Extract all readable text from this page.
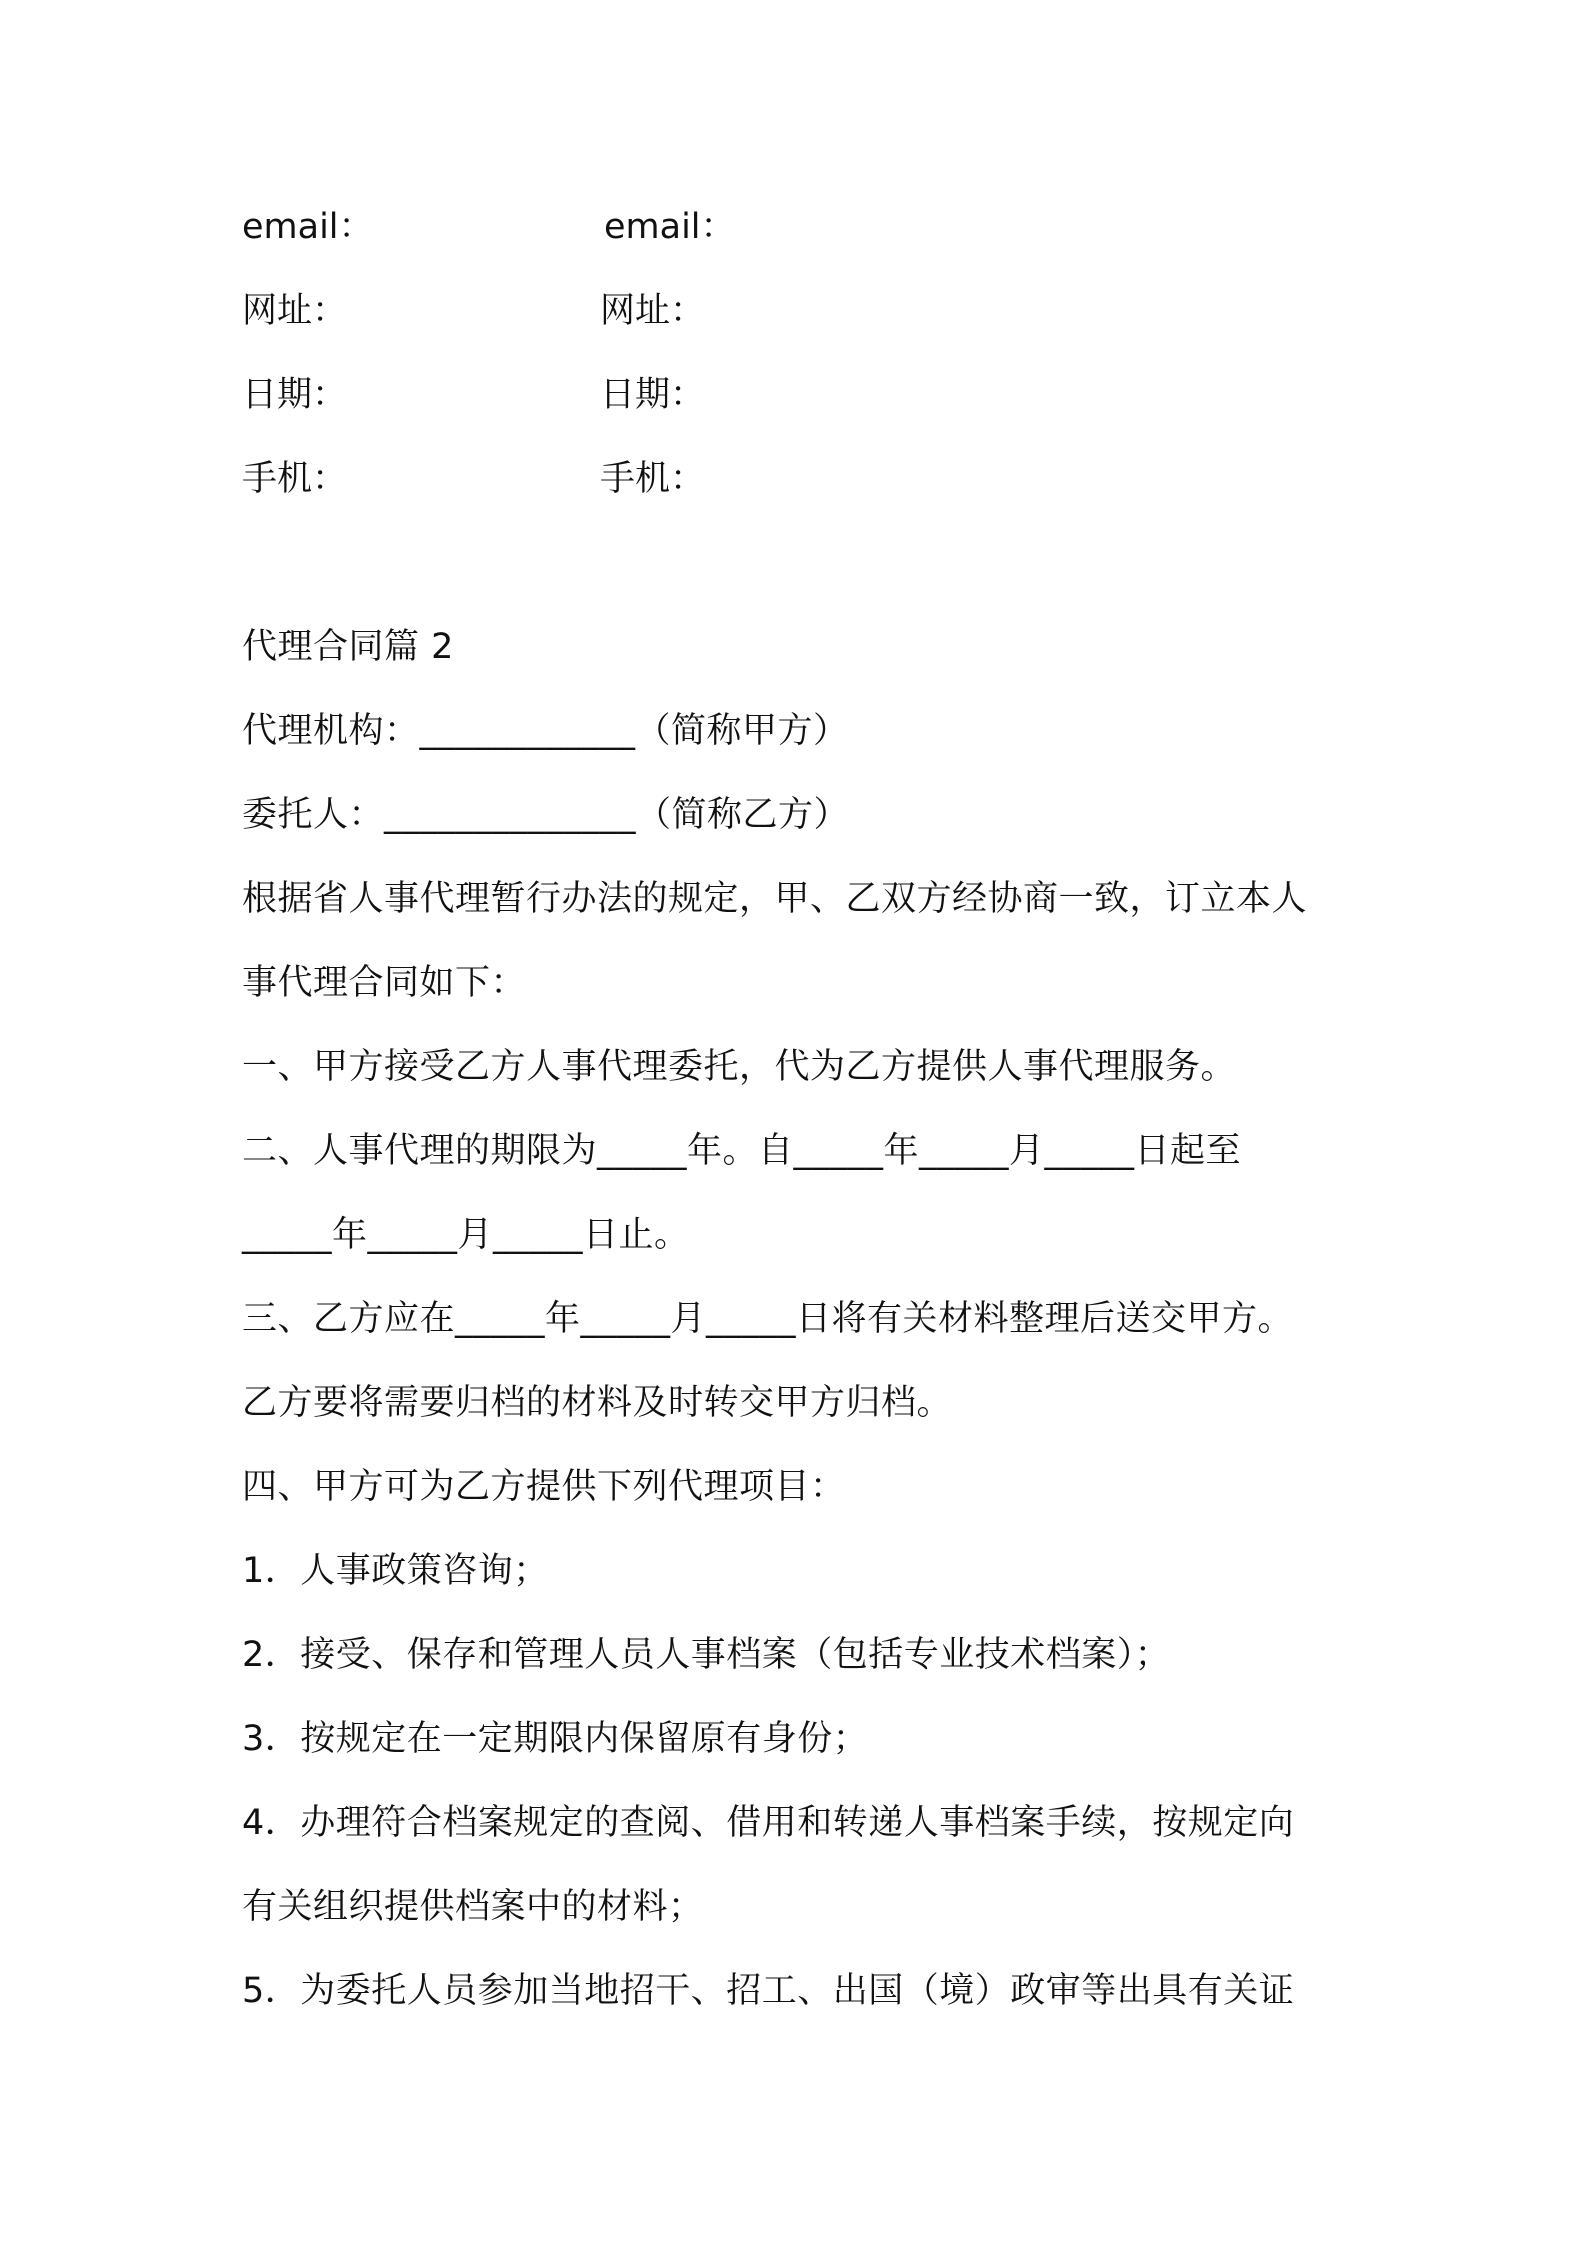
email：	email：
网址：	网址：
日期：	日期：
手机：	手机：
代理合同篇 2
代理机构：____________（简称甲方）
委托人：______________（简称乙方）
根据省人事代理暂行办法的规定，甲、乙双方经协商一致，订立本人
事代理合同如下：
一、甲方接受乙方人事代理委托，代为乙方提供人事代理服务。
二、人事代理的期限为_____年。自_____年_____月_____日起至
_____年_____月_____日止。
三、乙方应在_____年_____月_____日将有关材料整理后送交甲方。
乙方要将需要归档的材料及时转交甲方归档。
四、甲方可为乙方提供下列代理项目：
1．人事政策咨询；
2．接受、保存和管理人员人事档案（包括专业技术档案）；
3．按规定在一定期限内保留原有身份；
4．办理符合档案规定的查阅、借用和转递人事档案手续，按规定向
有关组织提供档案中的材料；
5．为委托人员参加当地招干、招工、出国（境）政审等出具有关证
